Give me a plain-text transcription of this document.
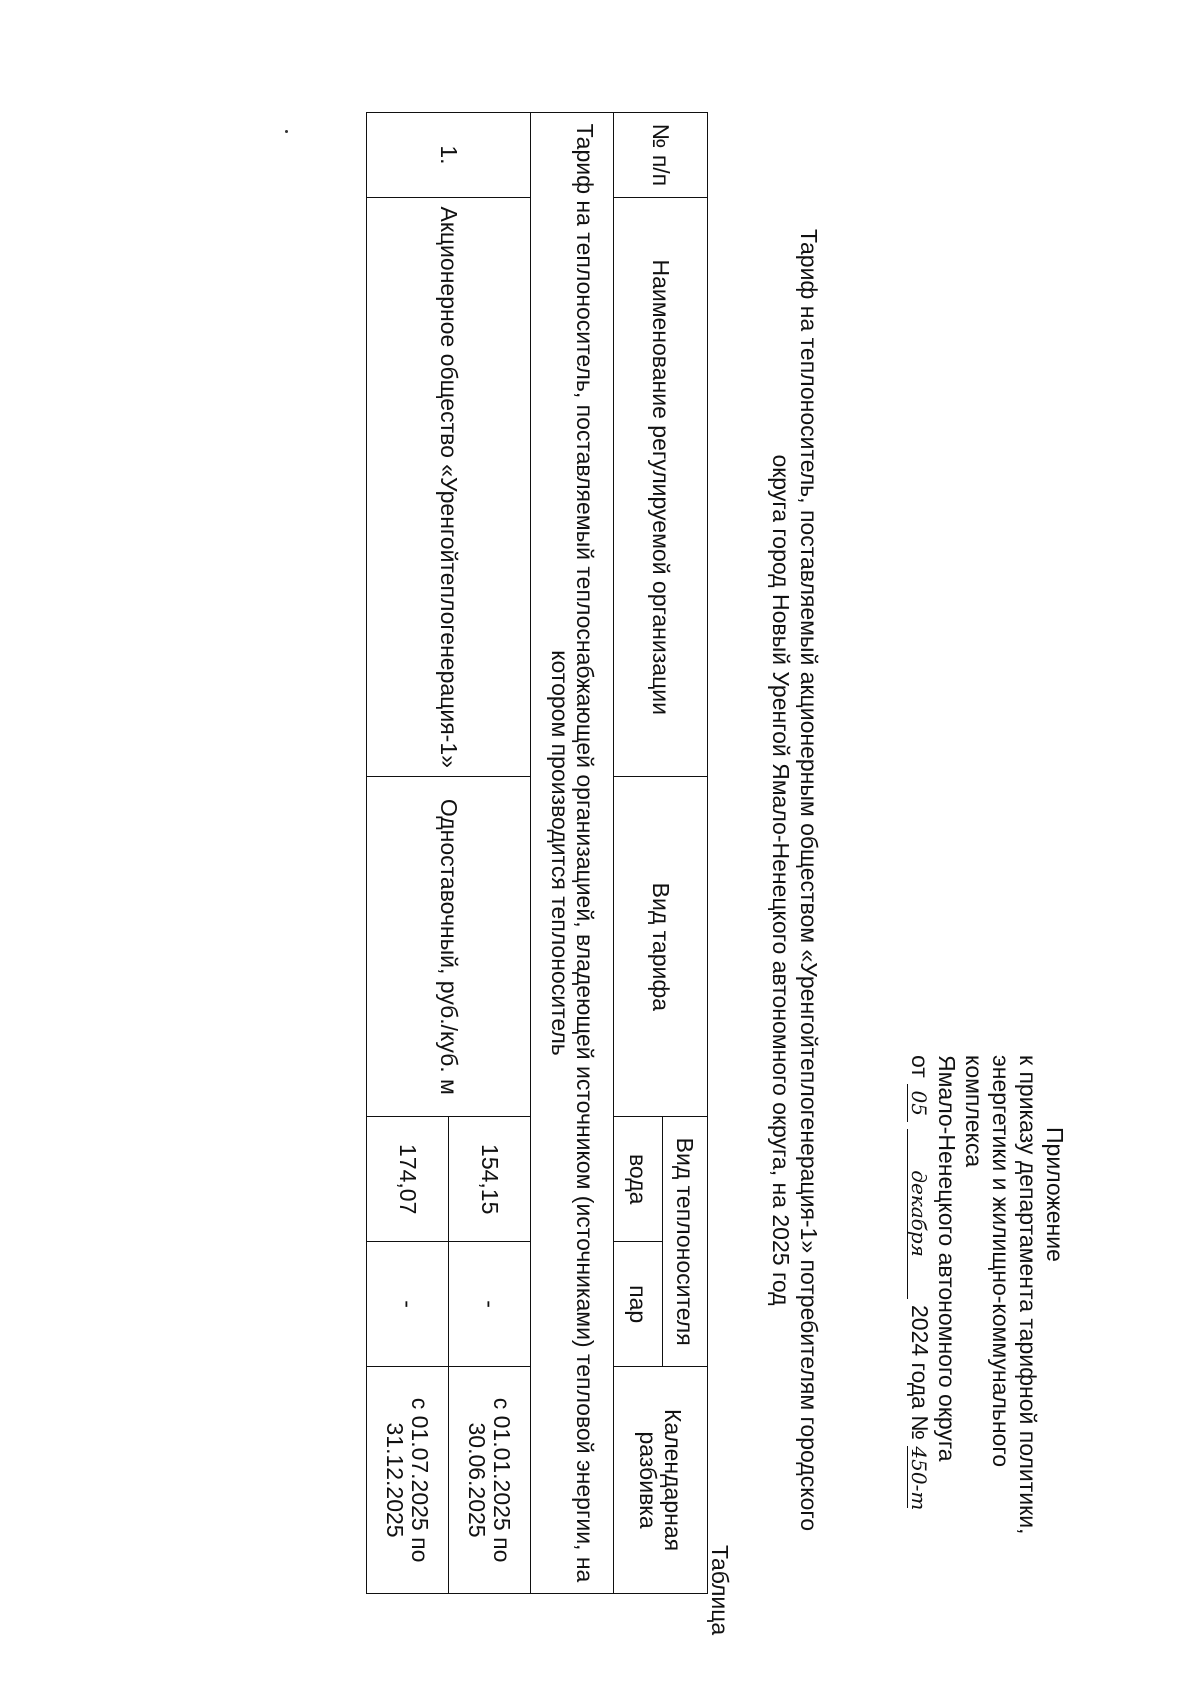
Приложение
к приказу департамента тарифной политики,
энергетики и жилищно-коммунального
комплекса
Ямало-Ненецкого автономного округа
от 05 декабря 2024 года № 450-т
Тариф на теплоноситель, поставляемый акционерным обществом «Уренгойтеплогенерация-1» потребителям городского округа город Новый Уренгой Ямало-Ненецкого автономного округа, на 2025 год
Таблица
№ п/п	Наименование регулируемой организации	Вид тарифа	Вид теплоносителя		Календарная разбивка
			вода	пар	
Тариф на теплоноситель, поставляемый теплоснабжающей организацией, владеющей источником (источниками) тепловой энергии, на котором производится теплоноситель					
1.	Акционерное общество «Уренгойтеплогенерация-1»	Одноставочный, руб./куб. м	154,15	-	с 01.01.2025 по 30.06.2025
			174,07	-	с 01.07.2025 по 31.12.2025
